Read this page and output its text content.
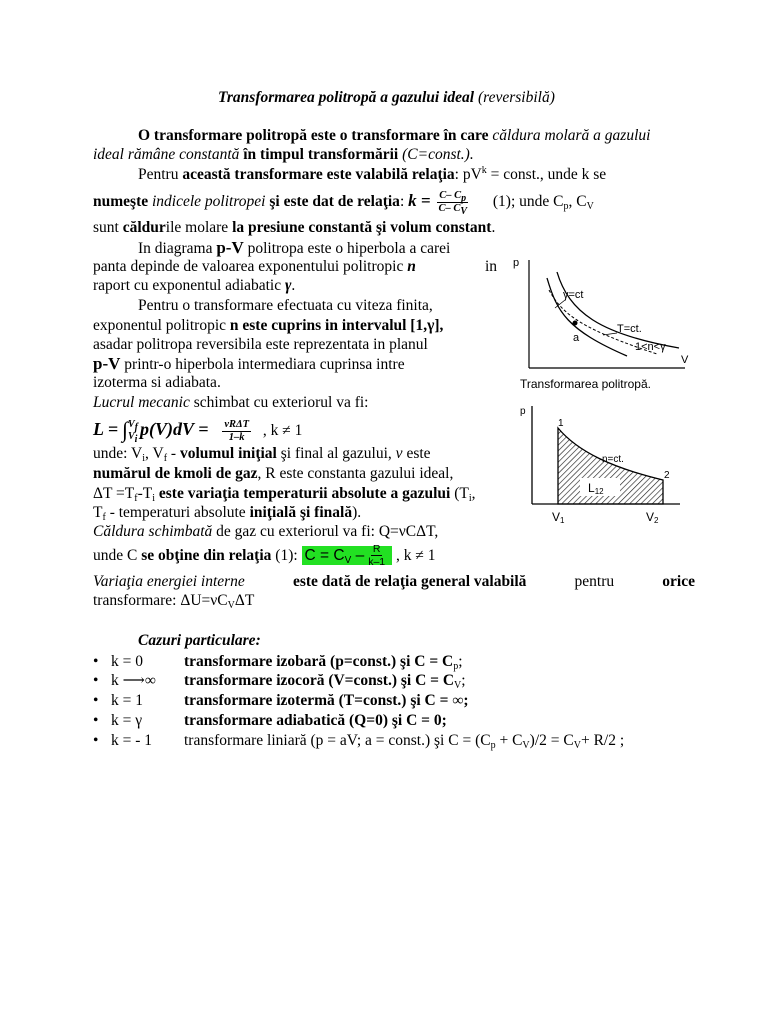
Transformarea politropă a gazului ideal (reversibilă)
O transformare politropă este o transformare în care căldura molară a gazului
ideal rămâne constantă în timpul transformării (C=const.).
Pentru această transformare este valabilă relaţia: $pV^k$ = const., unde k se
numeşte indicele politropei şi este dat de relaţia: $k = \frac{C- C_p}{C- C_V} (1)$; unde $C_p$, $C_V$
sunt căldurile molare la presiune constantă şi volum constant.
In diagrama p-V politropa este o hiperbola a carei
panta depinde de valoarea exponentului politropic n	in
raport cu exponentul adiabatic γ.
Pentru o transformare efectuata cu viteza finita,
exponentul politropic n este cuprins in intervalul [1,γ],
asadar politropa reversibila este reprezentata in planul
p-V printr-o hiperbola intermediara cuprinsa intre
izoterma si adiabata.
Lucrul mecanic schimbat cu exteriorul va fi:
L = ∫ $V_f$
$V_i$
$p(V)dV = \frac{\text{νRΔT}}{1-k}$ , k ≠ 1
unde: $V_i$, $V_f$ - volumul iniţial şi final al gazului, ν este
numărul de kmoli de gaz, R este constanta gazului ideal,
$\Delta T =T_f-T_i$ este variaţia temperaturii absolute a gazului ($T_i$,
$T_f$ - temperaturi absolute iniţială şi finală).
Căldura schimbată de gaz cu exteriorul va fi: Q=νCΔT,
unde C se obţine din relaţia (1): $C = C_V - \frac{R}{k-1}$ , k ≠ 1
Variaţia energiei interne	este dată de relaţia general valabilă	pentru	orice
transformare: $\Delta U=\nu C_V\Delta T$
Cazuri particulare:
• k = 0	transformare izobară (p=const.) şi $C = C_p$;
• k ⟶∞ transformare izocoră (V=const.) şi $C = C_V$;
• k = 1	transformare izotermă (T=const.) şi C = ∞;
• k = γ	transformare adiabatică (Q=0) şi C = 0;
• k = - 1 transformare liniară (p = aV; a = const.) şi $C = (C_p + C_V)/2 = C_V+ R/2$ ;
p
V
γ=ct
T=ct.
a
1<n<γ
Transformarea politropă.
p
1
2
n=ct.
L12
V1	V2
